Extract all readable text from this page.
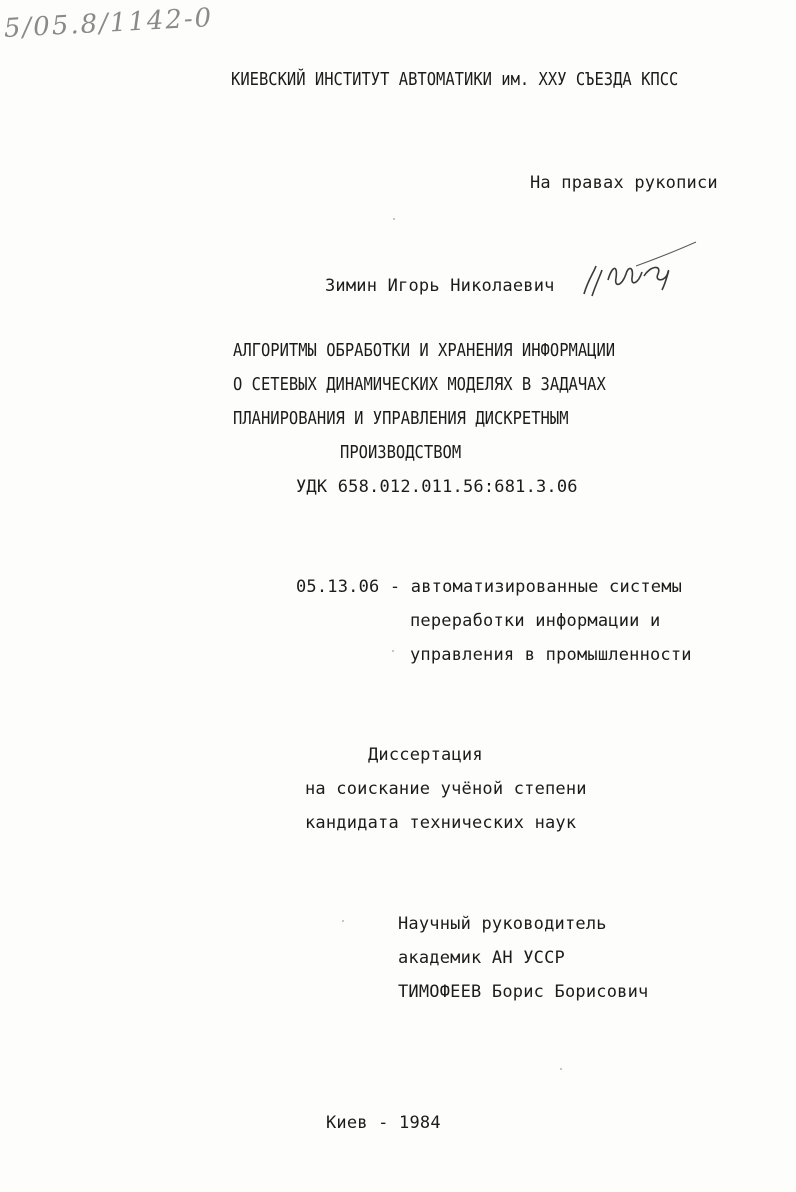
5/05.8/1142-0
КИЕВСКИЙ ИНСТИТУТ АВТОМАТИКИ им. XXУ СЪЕЗДА КПСС
На правах рукописи
Зимин Игорь Николаевич
АЛГОРИТМЫ ОБРАБОТКИ И ХРАНЕНИЯ ИНФОРМАЦИИ
О СЕТЕВЫХ ДИНАМИЧЕСКИХ МОДЕЛЯХ В ЗАДАЧАХ
ПЛАНИРОВАНИЯ И УПРАВЛЕНИЯ ДИСКРЕТНЫМ
ПРОИЗВОДСТВОМ
УДК 658.012.011.56:681.3.06
05.13.06 - автоматизированные системы
переработки информации и
управления в промышленности
Диссертация
на соискание учёной степени
кандидата технических наук
Научный руководитель
академик АН УССР
ТИМОФЕЕВ Борис Борисович
Киев - 1984
